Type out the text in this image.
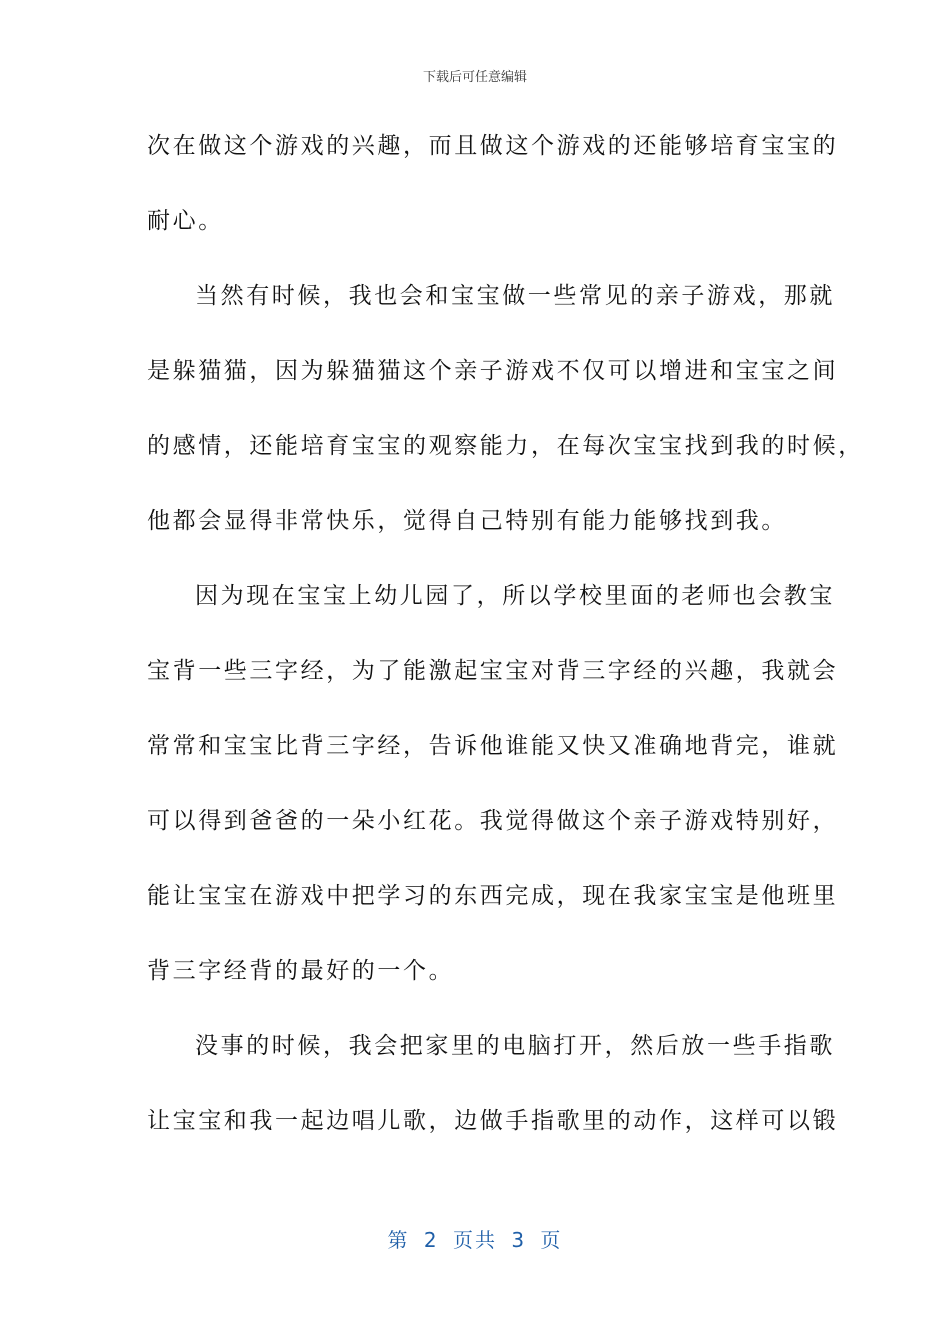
下载后可任意编辑
次在做这个游戏的兴趣，而且做这个游戏的还能够培育宝宝的
耐心。
当然有时候，我也会和宝宝做一些常见的亲子游戏，那就
是躲猫猫，因为躲猫猫这个亲子游戏不仅可以增进和宝宝之间
的感情，还能培育宝宝的观察能力，在每次宝宝找到我的时候，
他都会显得非常快乐，觉得自己特别有能力能够找到我。
因为现在宝宝上幼儿园了，所以学校里面的老师也会教宝
宝背一些三字经，为了能激起宝宝对背三字经的兴趣，我就会
常常和宝宝比背三字经，告诉他谁能又快又准确地背完，谁就
可以得到爸爸的一朵小红花。我觉得做这个亲子游戏特别好，
能让宝宝在游戏中把学习的东西完成，现在我家宝宝是他班里
背三字经背的最好的一个。
没事的时候，我会把家里的电脑打开，然后放一些手指歌
让宝宝和我一起边唱儿歌，边做手指歌里的动作，这样可以锻
第 2 页共 3 页
